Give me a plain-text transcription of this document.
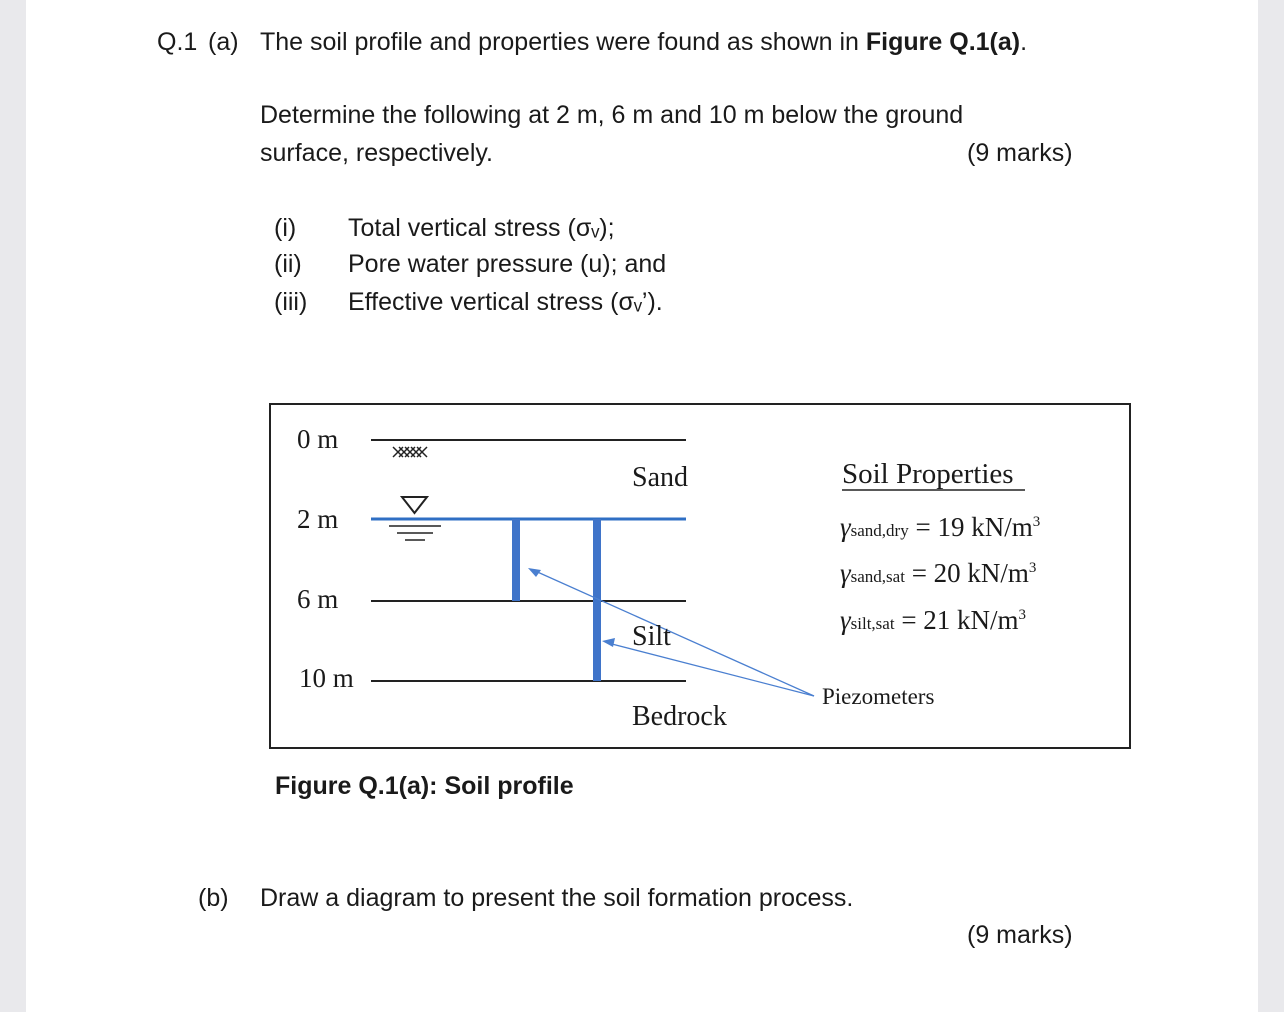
Q.1 (a) The soil profile and properties were found as shown in Figure Q.1(a).
Determine the following at 2 m, 6 m and 10 m below the ground
surface, respectively.	(9 marks)
(i) Total vertical stress (σᵥ);
(ii) Pore water pressure (u); and
(iii) Effective vertical stress (σᵥ’).
0 m
2 m
6 m
10 m
Sand
Silt
Bedrock
Piezometers
Soil Properties
γsand,dry = 19 $kN/m^3$
γsand,sat = 20 $kN/m^3$
γsilt,sat = 21 $kN/m^3$
Figure Q.1(a): Soil profile
(b) Draw a diagram to present the soil formation process.
(9 marks)
